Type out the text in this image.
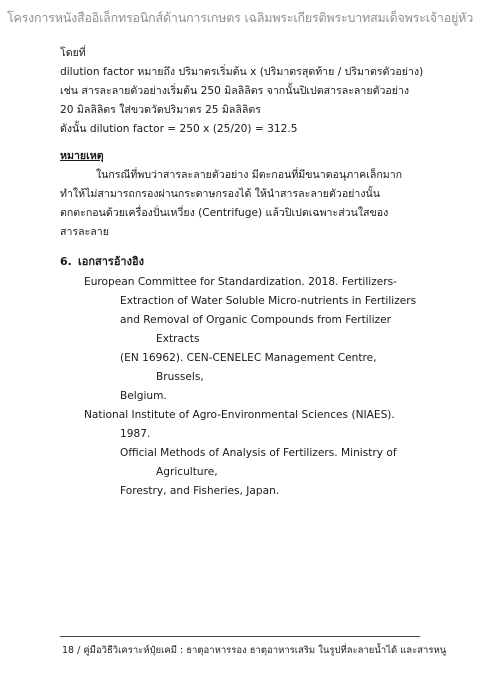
โครงการหนังสืออิเล็กทรอนิกส์ด้านการเกษตร เฉลิมพระเกียรติพระบาทสมเด็จพระเจ้าอยู่หัว

โดยที่

dilution factor หมายถึง ปริมาตรเริ่มต้น x (ปริมาตรสุดท้าย / ปริมาตรตัวอย่าง)

เช่น สารละลายตัวอย่างเริ่มต้น 250 มิลลิลิตร จากนั้นปิเปตสารละลายตัวอย่าง

20 มิลลิลิตร ใส่ขวดวัดปริมาตร 25 มิลลิลิตร

ดังนั้น dilution factor = 250 x (25/20) = 312.5

หมายเหตุ

ในกรณีที่พบว่าสารละลายตัวอย่าง มีตะกอนที่มีขนาดอนุภาคเล็กมาก

ทำให้ไม่สามารถกรองผ่านกระดาษกรองได้ ให้นำสารละลายตัวอย่างนั้น

ตกตะกอนด้วยเครื่องปั่นเหวี่ยง (Centrifuge) แล้วปิเปตเฉพาะส่วนใสของ

สารละลาย

6. เอกสารอ้างอิง

European Committee for Standardization. 2018. Fertilizers-
Extraction of Water Soluble Micro-nutrients in Fertilizers
and Removal of Organic Compounds from Fertilizer Extracts
(EN 16962). CEN-CENELEC Management Centre, Brussels,
Belgium.

National Institute of Agro-Environmental Sciences (NIAES). 1987.
Official Methods of Analysis of Fertilizers. Ministry of Agriculture,
Forestry, and Fisheries, Japan.

18 / คู่มือวิธีวิเคราะห์ปุ๋ยเคมี : ธาตุอาหารรอง ธาตุอาหารเสริม ในรูปที่ละลายน้ำได้ และสารหนู
